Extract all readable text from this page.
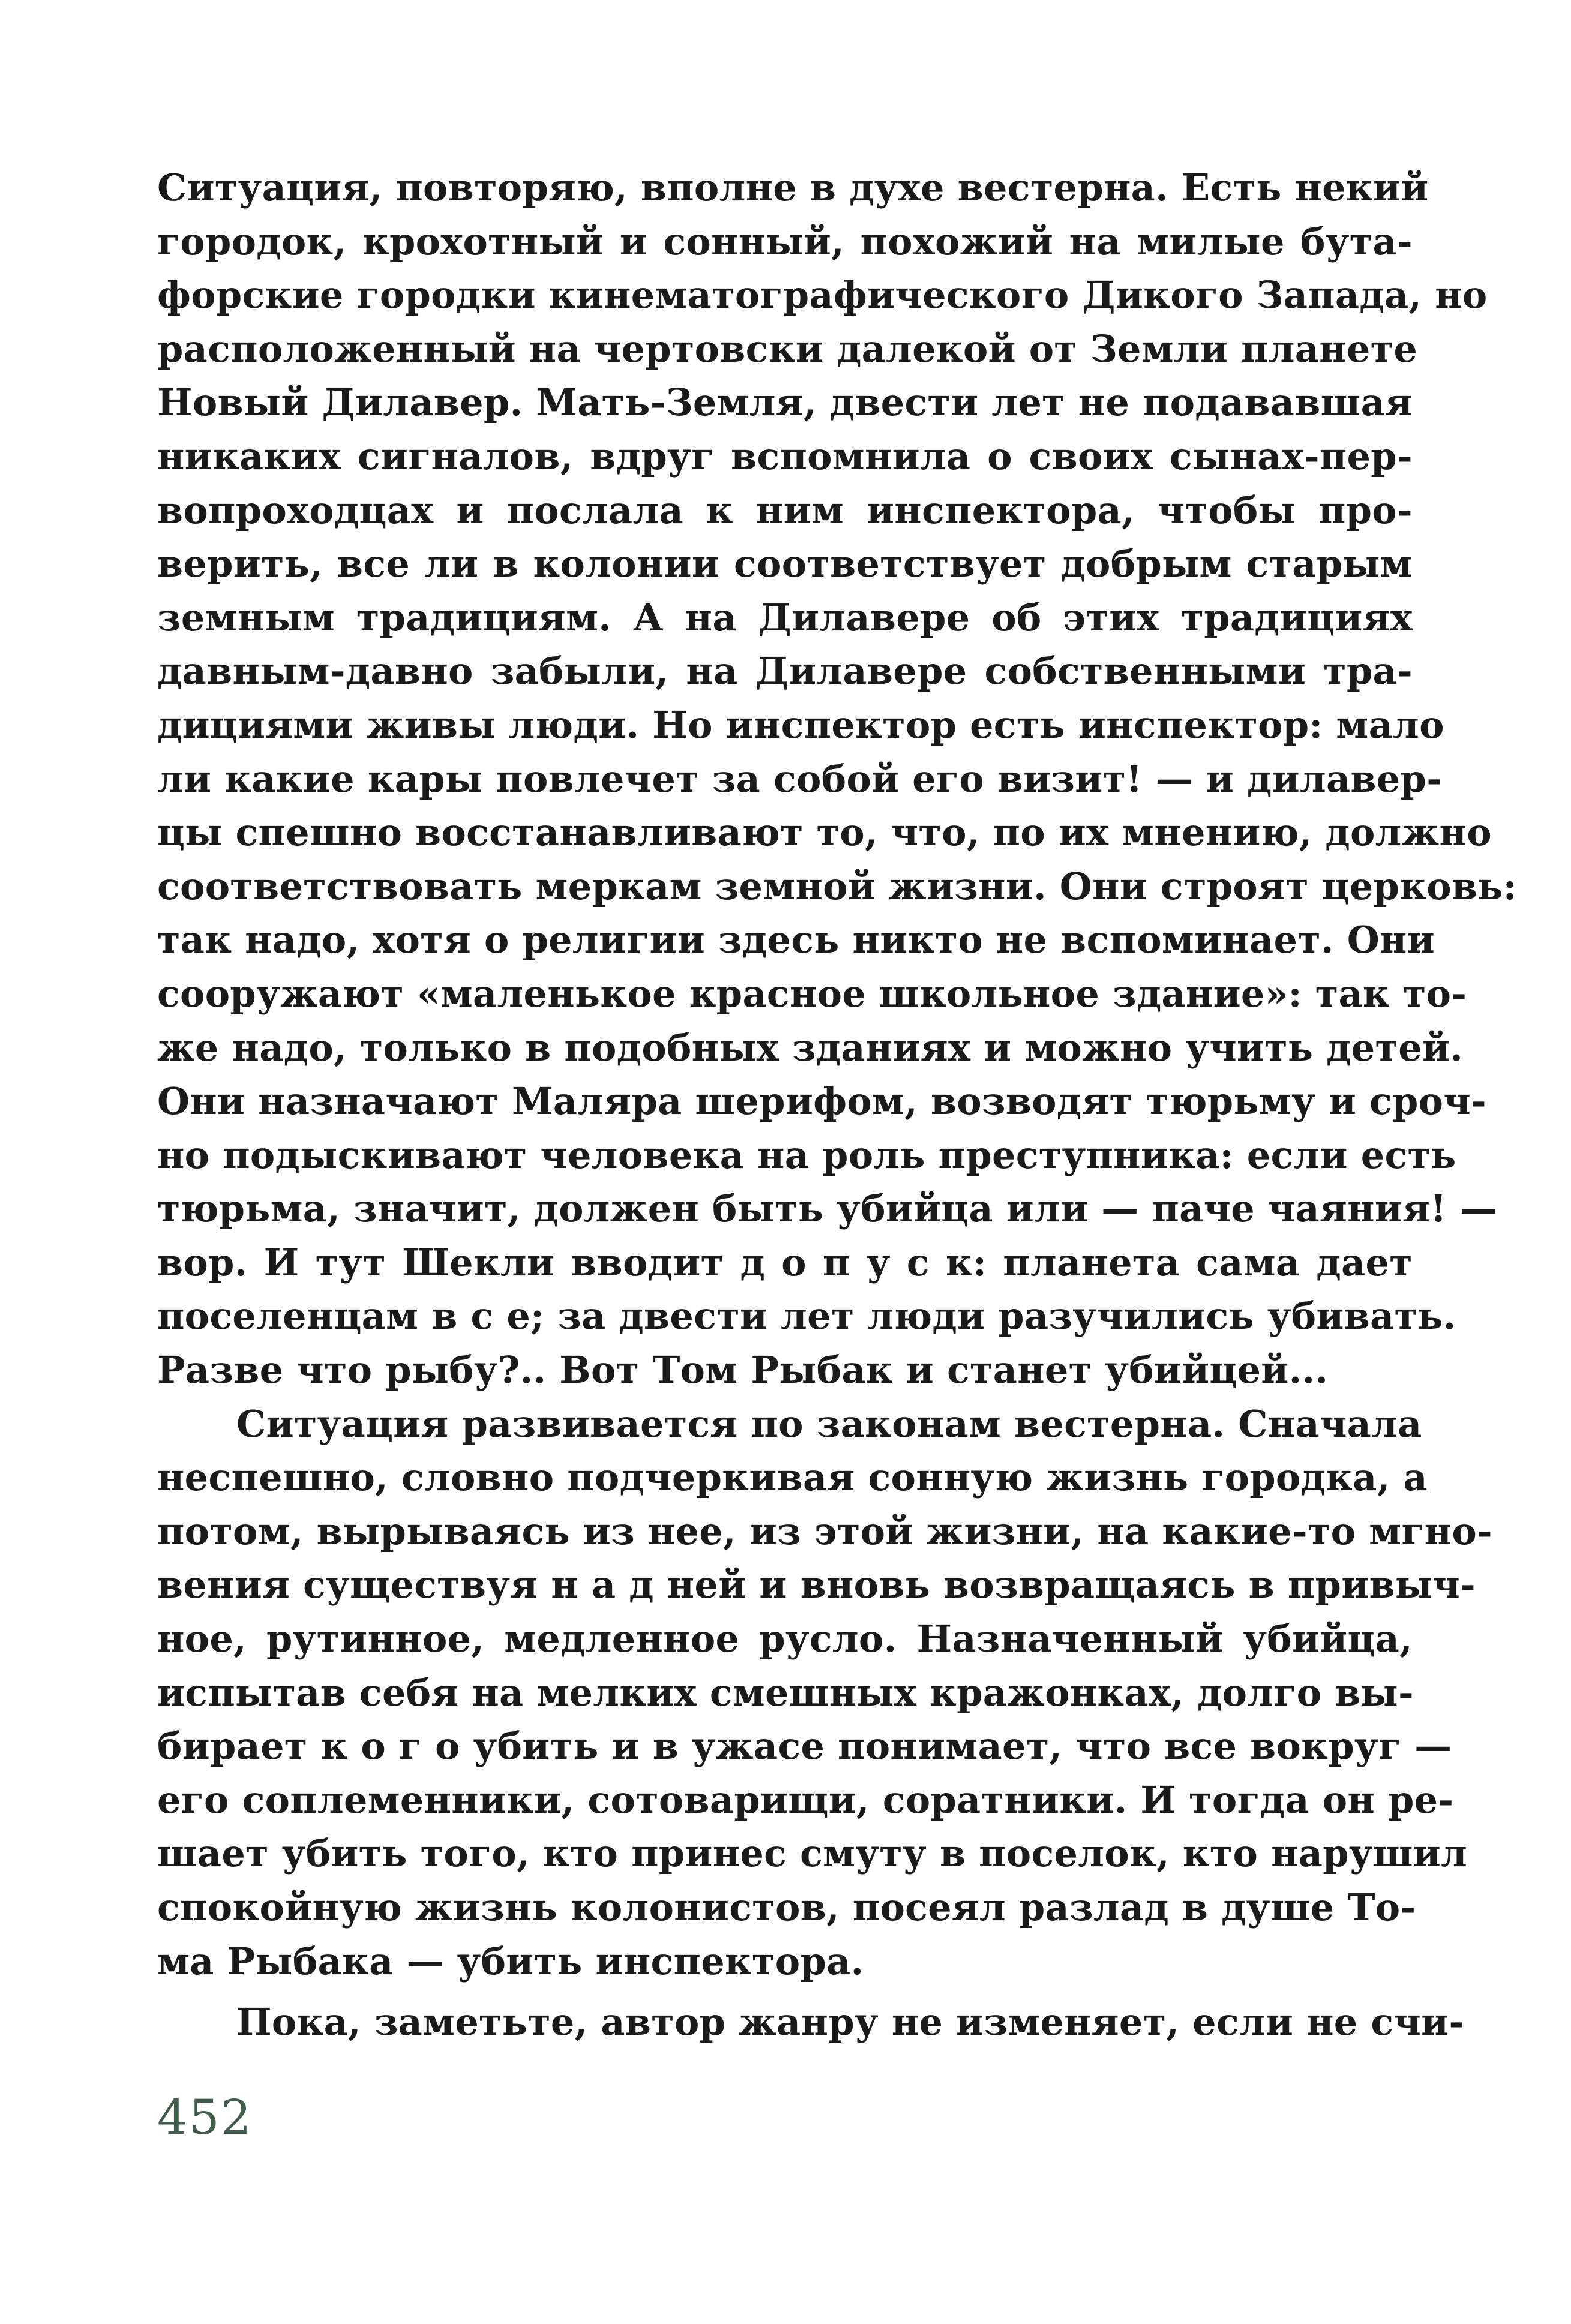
Ситуация, повторяю, вполне в духе вестерна. Есть некий
городок, крохотный и сонный, похожий на милые бута-
форские городки кинематографического Дикого Запада, но
расположенный на чертовски далекой от Земли планете
Новый Дилавер. Мать-Земля, двести лет не подававшая
никаких сигналов, вдруг вспомнила о своих сынах-пер-
вопроходцах и послала к ним инспектора, чтобы про-
верить, все ли в колонии соответствует добрым старым
земным традициям. А на Дилавере об этих традициях
давным-давно забыли, на Дилавере собственными тра-
дициями живы люди. Но инспектор есть инспектор: мало
ли какие кары повлечет за собой его визит! — и дилавер-
цы спешно восстанавливают то, что, по их мнению, должно
соответствовать меркам земной жизни. Они строят церковь:
так надо, хотя о религии здесь никто не вспоминает. Они
сооружают «маленькое красное школьное здание»: так то-
же надо, только в подобных зданиях и можно учить детей.
Они назначают Маляра шерифом, возводят тюрьму и сроч-
но подыскивают человека на роль преступника: если есть
тюрьма, значит, должен быть убийца или — паче чаяния! —
вор. И тут Шекли вводит д о п у с к: планета сама дает
поселенцам в с е; за двести лет люди разучились убивать.
Разве что рыбу?.. Вот Том Рыбак и станет убийцей...
Ситуация развивается по законам вестерна. Сначала
неспешно, словно подчеркивая сонную жизнь городка, а
потом, вырываясь из нее, из этой жизни, на какие-то мгно-
вения существуя н а д ней и вновь возвращаясь в привыч-
ное, рутинное, медленное русло. Назначенный убийца,
испытав себя на мелких смешных кражонках, долго вы-
бирает к о г о убить и в ужасе понимает, что все вокруг —
его соплеменники, сотоварищи, соратники. И тогда он ре-
шает убить того, кто принес смуту в поселок, кто нарушил
спокойную жизнь колонистов, посеял разлад в душе То-
ма Рыбака — убить инспектора.
Пока, заметьте, автор жанру не изменяет, если не счи-
452
